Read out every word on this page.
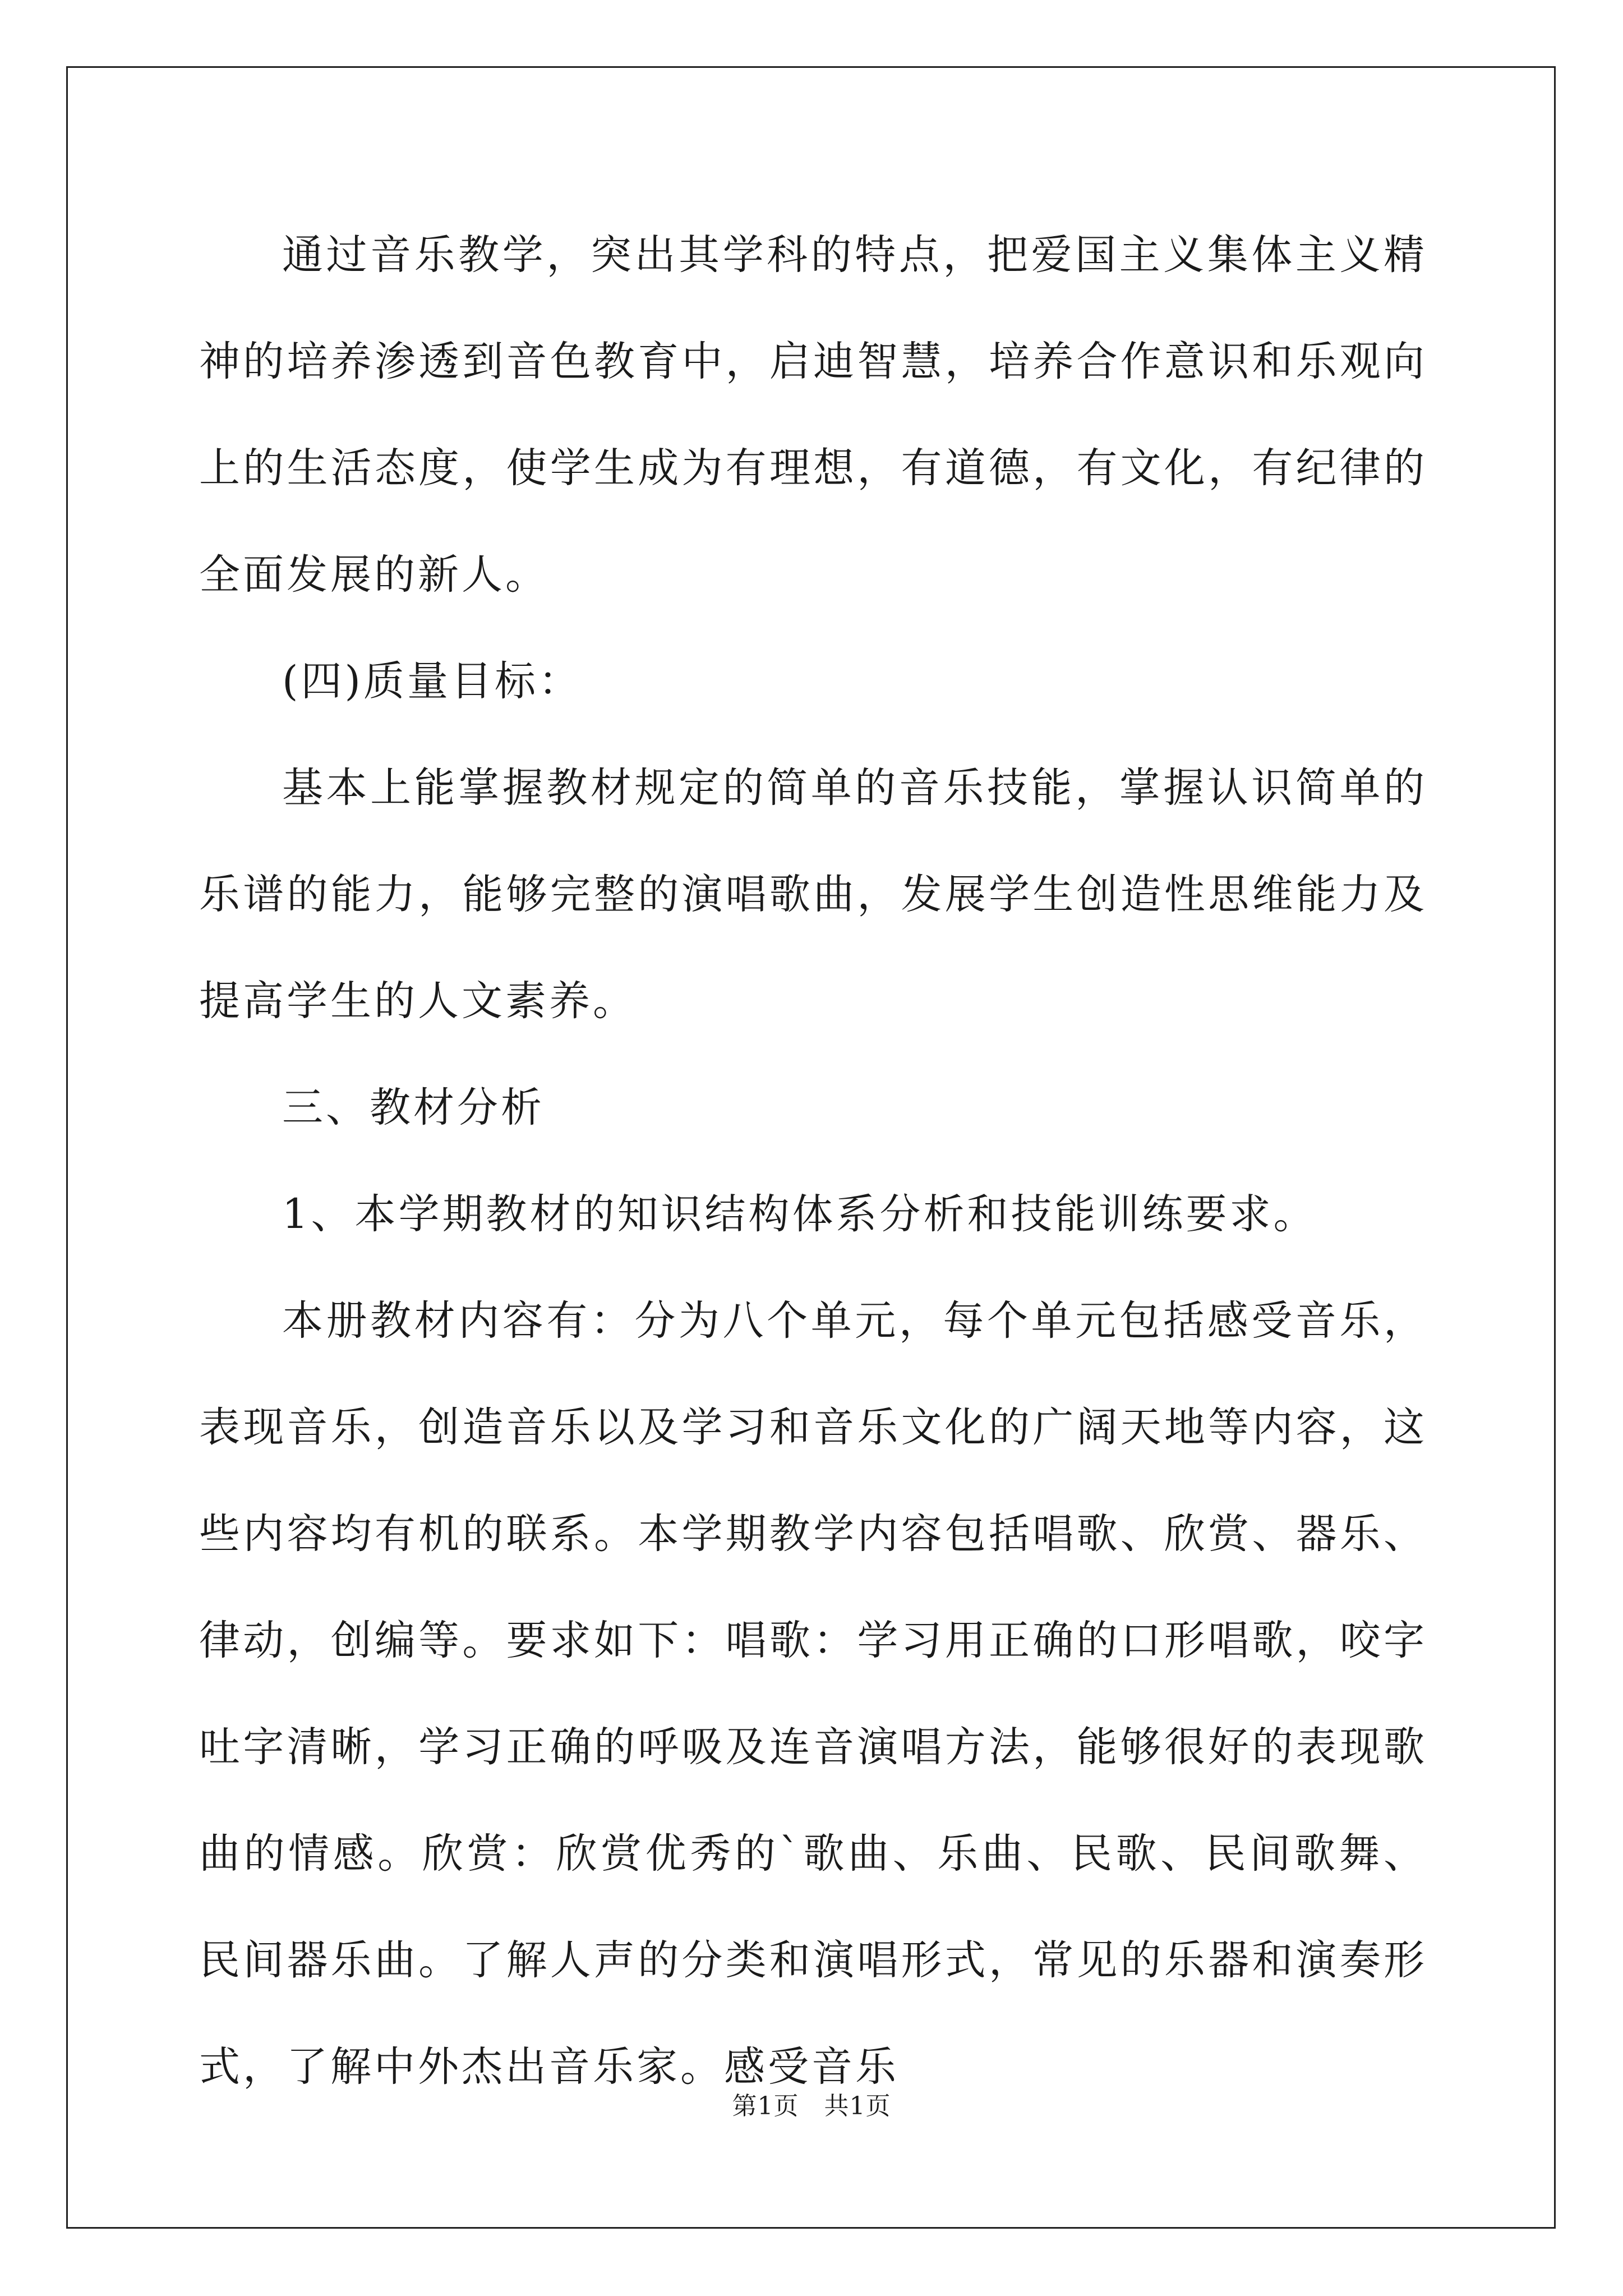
通过音乐教学，突出其学科的特点，把爱国主义集体主义精神的培养渗透到音色教育中，启迪智慧，培养合作意识和乐观向上的生活态度，使学生成为有理想，有道德，有文化，有纪律的全面发展的新人。

(四)质量目标：

基本上能掌握教材规定的简单的音乐技能，掌握认识简单的乐谱的能力，能够完整的演唱歌曲，发展学生创造性思维能力及提高学生的人文素养。

三、教材分析

1、本学期教材的知识结构体系分析和技能训练要求。

本册教材内容有：分为八个单元，每个单元包括感受音乐，表现音乐，创造音乐以及学习和音乐文化的广阔天地等内容，这些内容均有机的联系。本学期教学内容包括唱歌、欣赏、器乐、律动，创编等。要求如下：唱歌：学习用正确的口形唱歌，咬字吐字清晰，学习正确的呼吸及连音演唱方法，能够很好的表现歌曲的情感。欣赏：欣赏优秀的`歌曲、乐曲、民歌、民间歌舞、民间器乐曲。了解人声的分类和演唱形式，常见的乐器和演奏形式，了解中外杰出音乐家。感受音乐

第1页　共1页
